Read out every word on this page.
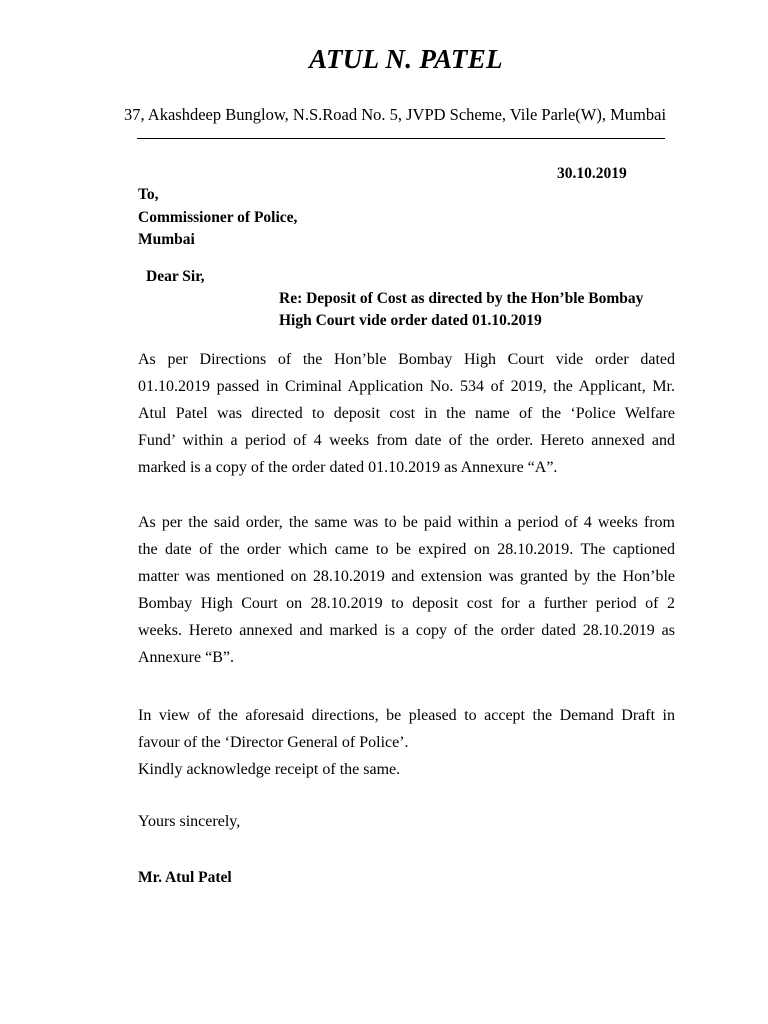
ATUL N. PATEL
37, Akashdeep Bunglow, N.S.Road No. 5, JVPD Scheme, Vile Parle(W), Mumbai
30.10.2019
To,
Commissioner of Police,
Mumbai
Dear Sir,
Re: Deposit of Cost as directed by the Hon’ble Bombay
High Court vide order dated 01.10.2019
As per Directions of the Hon’ble Bombay High Court vide order dated
01.10.2019 passed in Criminal Application No. 534 of 2019, the Applicant, Mr.
Atul Patel was directed to deposit cost in the name of the ‘Police Welfare
Fund’ within a period of 4 weeks from date of the order. Hereto annexed and
marked is a copy of the order dated 01.10.2019 as Annexure “A”.
As per the said order, the same was to be paid within a period of 4 weeks from
the date of the order which came to be expired on 28.10.2019. The captioned
matter was mentioned on 28.10.2019 and extension was granted by the Hon’ble
Bombay High Court on 28.10.2019 to deposit cost for a further period of 2
weeks. Hereto annexed and marked is a copy of the order dated 28.10.2019 as
Annexure “B”.
In view of the aforesaid directions, be pleased to accept the Demand Draft in
favour of the ‘Director General of Police’.
Kindly acknowledge receipt of the same.
Yours sincerely,
Mr. Atul Patel
